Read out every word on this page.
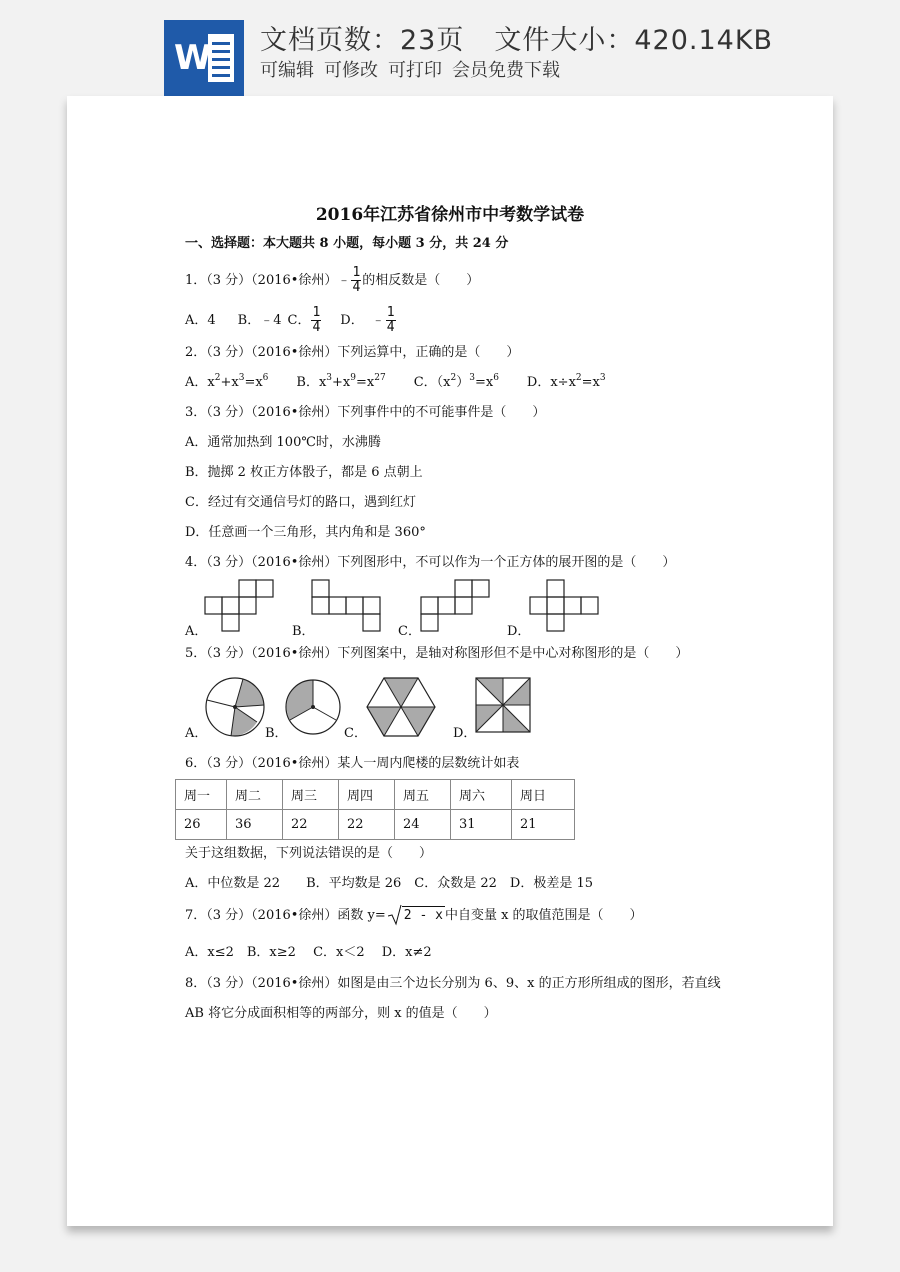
W 文档页数：23页 文件大小：420.14KB
可编辑 可修改 可打印 会员免费下载
2016年江苏省徐州市中考数学试卷
一、选择题：本大题共 8 小题，每小题 3 分，共 24 分
1．（3 分）（2016•徐州）﹣ $\frac{1}{4}$ 的相反数是（　　）
A．4 B．﹣4 C． $\frac{1}{4}$ D． ﹣ $\frac{1}{4}$
2．（3 分）（2016•徐州）下列运算中，正确的是（　　）
A．$x^2+x^3=x^6$ B．$x^3+x^9=x^{27}$ C．$(x^2)^3=x^6$ D．$x\div x^2=x^3$
3．（3 分）（2016•徐州）下列事件中的不可能事件是（　　）
A．通常加热到 100℃时，水沸腾
B．抛掷 2 枚正方体骰子，都是 6 点朝上
C．经过有交通信号灯的路口，遇到红灯
D．任意画一个三角形，其内角和是 360°
4．（3 分）（2016•徐州）下列图形中，不可以作为一个正方体的展开图的是（　　）
A．	B．	C．	D．
5．（3 分）（2016•徐州）下列图案中，是轴对称图形但不是中心对称图形的是（　　）
A．	B．	C．	D．
6．（3 分）（2016•徐州）某人一周内爬楼的层数统计如表
周一	周二	周三	周四	周五	周六	周日
26	36	22	22	24	31	21
关于这组数据，下列说法错误的是（　　）
A．中位数是 22　　B．平均数是 26　C．众数是 22　D．极差是 15
7．（3 分）（2016•徐州）函数 y= 2 - x 中自变量 x 的取值范围是（　　）
A．x≤2　B．x≥2　 C．x＜2　 D．x≠2
8．（3 分）（2016•徐州）如图是由三个边长分别为 6、9、x 的正方形所组成的图形，若直线
AB 将它分成面积相等的两部分，则 x 的值是（　　）
